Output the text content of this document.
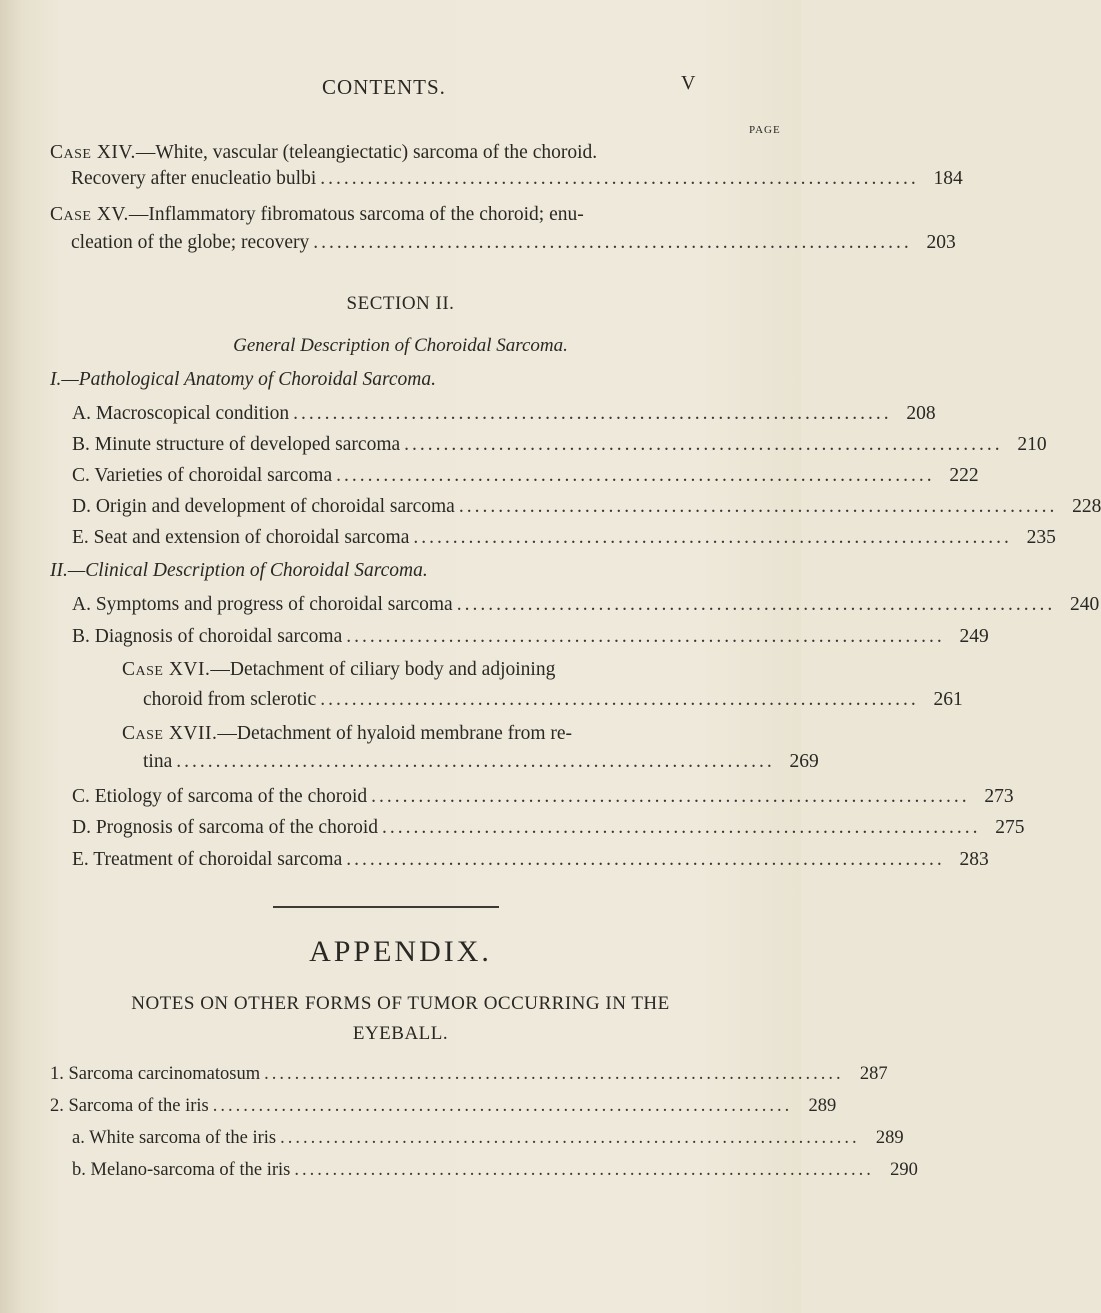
CONTENTS.	V
PAGE
Case XIV.—White, vascular (teleangiectatic) sarcoma of the choroid.
Recovery after enucleatio bulbi ............................................................................ 184
Case XV.—Inflammatory fibromatous sarcoma of the choroid; enu-
cleation of the globe; recovery ............................................................................ 203
SECTION II.
General Description of Choroidal Sarcoma.
I.—Pathological Anatomy of Choroidal Sarcoma.
A. Macroscopical condition ............................................................................ 208
B. Minute structure of developed sarcoma ............................................................................ 210
C. Varieties of choroidal sarcoma ............................................................................ 222
D. Origin and development of choroidal sarcoma ............................................................................ 228
E. Seat and extension of choroidal sarcoma ............................................................................ 235
II.—Clinical Description of Choroidal Sarcoma.
A. Symptoms and progress of choroidal sarcoma ............................................................................ 240
B. Diagnosis of choroidal sarcoma ............................................................................ 249
Case XVI.—Detachment of ciliary body and adjoining
choroid from sclerotic ............................................................................ 261
Case XVII.—Detachment of hyaloid membrane from re-
tina ............................................................................ 269
C. Etiology of sarcoma of the choroid ............................................................................ 273
D. Prognosis of sarcoma of the choroid ............................................................................ 275
E. Treatment of choroidal sarcoma ............................................................................ 283
APPENDIX.
NOTES ON OTHER FORMS OF TUMOR OCCURRING IN THE
EYEBALL.
1. Sarcoma carcinomatosum ............................................................................ 287
2. Sarcoma of the iris ............................................................................ 289
a. White sarcoma of the iris ............................................................................ 289
b. Melano-sarcoma of the iris ............................................................................ 290
